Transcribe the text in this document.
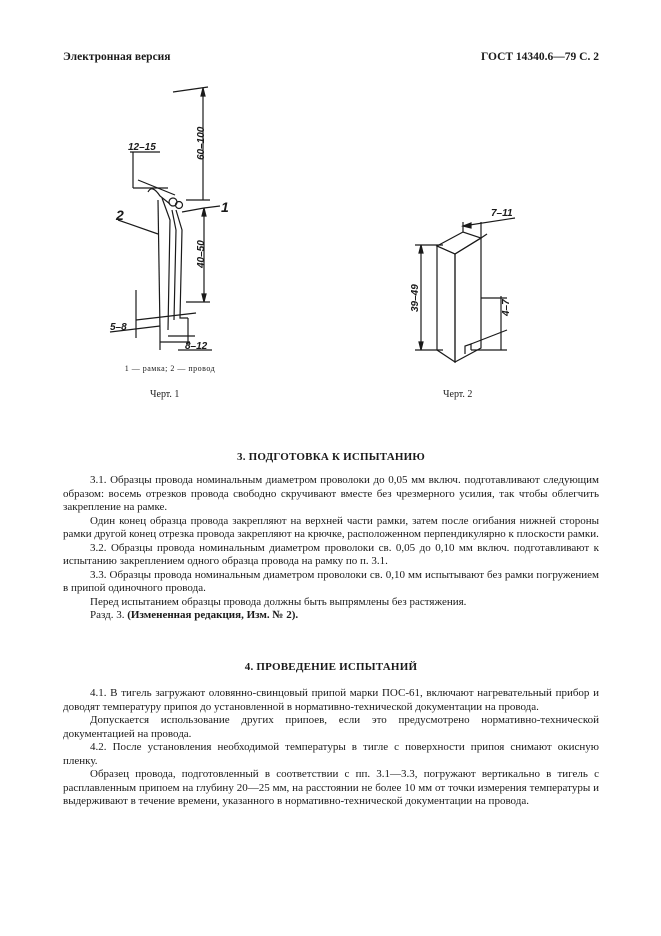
Электронная версия	ГОСТ 14340.6—79 С. 2
60–100
12–15
2	1
40–50
5–8
8–12
1 — рамка; 2 — провод
Черт. 1
7–11
39–49	4–7
Черт. 2
3. ПОДГОТОВКА К ИСПЫТАНИЮ

3.1. Образцы провода номинальным диаметром проволоки до 0,05 мм включ. подготавливают следующим образом: восемь отрезков провода свободно скручивают вместе без чрезмерного усилия, так чтобы облегчить закрепление на рамке.

Один конец образца провода закрепляют на верхней части рамки, затем после огибания нижней стороны рамки другой конец отрезка провода закрепляют на крючке, расположенном перпендикулярно к плоскости рамки.

3.2. Образцы провода номинальным диаметром проволоки св. 0,05 до 0,10 мм включ. подготавливают к испытанию закреплением одного образца провода на рамку по п. 3.1.

3.3. Образцы провода номинальным диаметром проволоки св. 0,10 мм испытывают без рамки погружением в припой одиночного провода.

Перед испытанием образцы провода должны быть выпрямлены без растяжения.

Разд. 3. (Измененная редакция, Изм. № 2).

4. ПРОВЕДЕНИЕ ИСПЫТАНИЙ

4.1. В тигель загружают оловянно-свинцовый припой марки ПОС-61, включают нагревательный прибор и доводят температуру припоя до установленной в нормативно-технической документации на провода.

Допускается использование других припоев, если это предусмотрено нормативно-технической документацией на провода.

4.2. После установления необходимой температуры в тигле с поверхности припоя снимают окисную пленку.

Образец провода, подготовленный в соответствии с пп. 3.1—3.3, погружают вертикально в тигель с расплавленным припоем на глубину 20—25 мм, на расстоянии не более 10 мм от точки измерения температуры и выдерживают в течение времени, указанного в нормативно-технической документации на провода.
